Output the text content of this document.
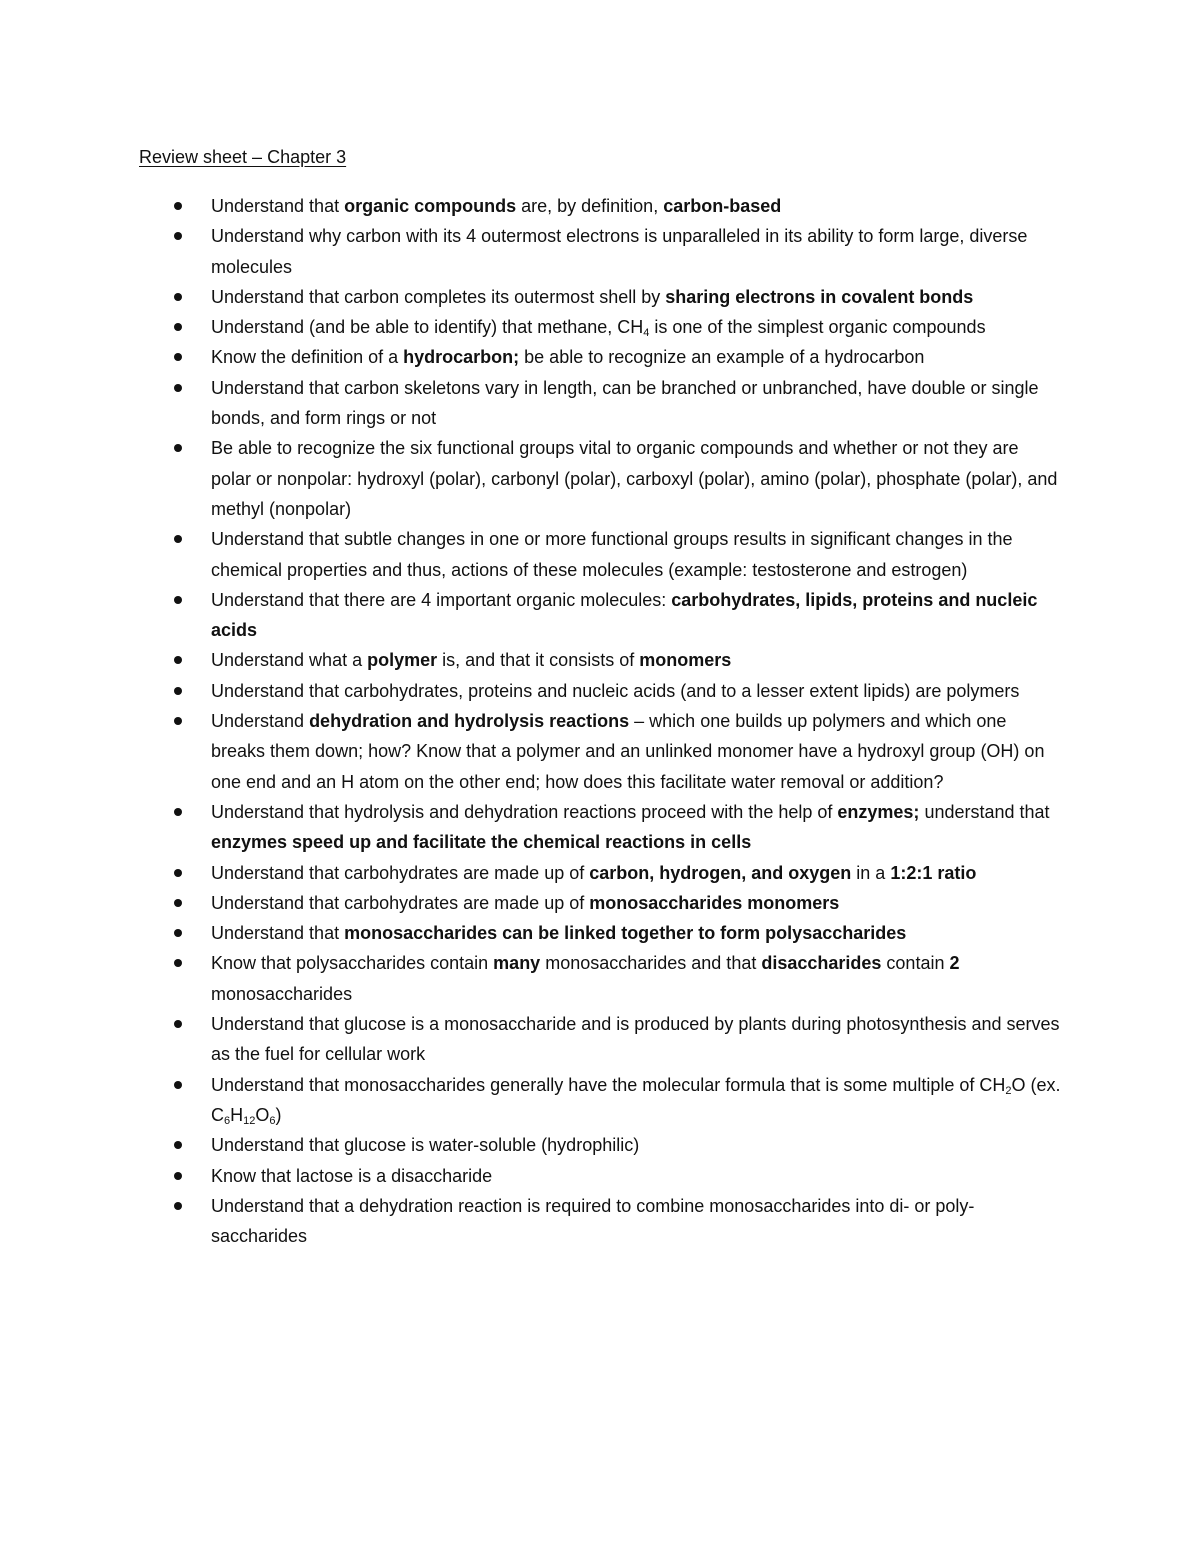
Review sheet – Chapter 3
Understand that organic compounds are, by definition, carbon-based
Understand why carbon with its 4 outermost electrons is unparalleled in its ability to form large, diverse molecules
Understand that carbon completes its outermost shell by sharing electrons in covalent bonds
Understand (and be able to identify) that methane, $CH_4$ is one of the simplest organic compounds
Know the definition of a hydrocarbon; be able to recognize an example of a hydrocarbon
Understand that carbon skeletons vary in length, can be branched or unbranched, have double or single bonds, and form rings or not
Be able to recognize the six functional groups vital to organic compounds and whether or not they are polar or nonpolar: hydroxyl (polar), carbonyl (polar), carboxyl (polar), amino (polar), phosphate (polar), and methyl (nonpolar)
Understand that subtle changes in one or more functional groups results in significant changes in the chemical properties and thus, actions of these molecules (example: testosterone and estrogen)
Understand that there are 4 important organic molecules: carbohydrates, lipids, proteins and nucleic acids
Understand what a polymer is, and that it consists of monomers
Understand that carbohydrates, proteins and nucleic acids (and to a lesser extent lipids) are polymers
Understand dehydration and hydrolysis reactions – which one builds up polymers and which one breaks them down; how? Know that a polymer and an unlinked monomer have a hydroxyl group (OH) on one end and an H atom on the other end; how does this facilitate water removal or addition?
Understand that hydrolysis and dehydration reactions proceed with the help of enzymes; understand that enzymes speed up and facilitate the chemical reactions in cells
Understand that carbohydrates are made up of carbon, hydrogen, and oxygen in a 1:2:1 ratio
Understand that carbohydrates are made up of monosaccharides monomers
Understand that monosaccharides can be linked together to form polysaccharides
Know that polysaccharides contain many monosaccharides and that disaccharides contain 2 monosaccharides
Understand that glucose is a monosaccharide and is produced by plants during photosynthesis and serves as the fuel for cellular work
Understand that monosaccharides generally have the molecular formula that is some multiple of $CH_2O$ (ex. $C_6H_{12}O_6$)
Understand that glucose is water-soluble (hydrophilic)
Know that lactose is a disaccharide
Understand that a dehydration reaction is required to combine monosaccharides into di- or poly-saccharides
